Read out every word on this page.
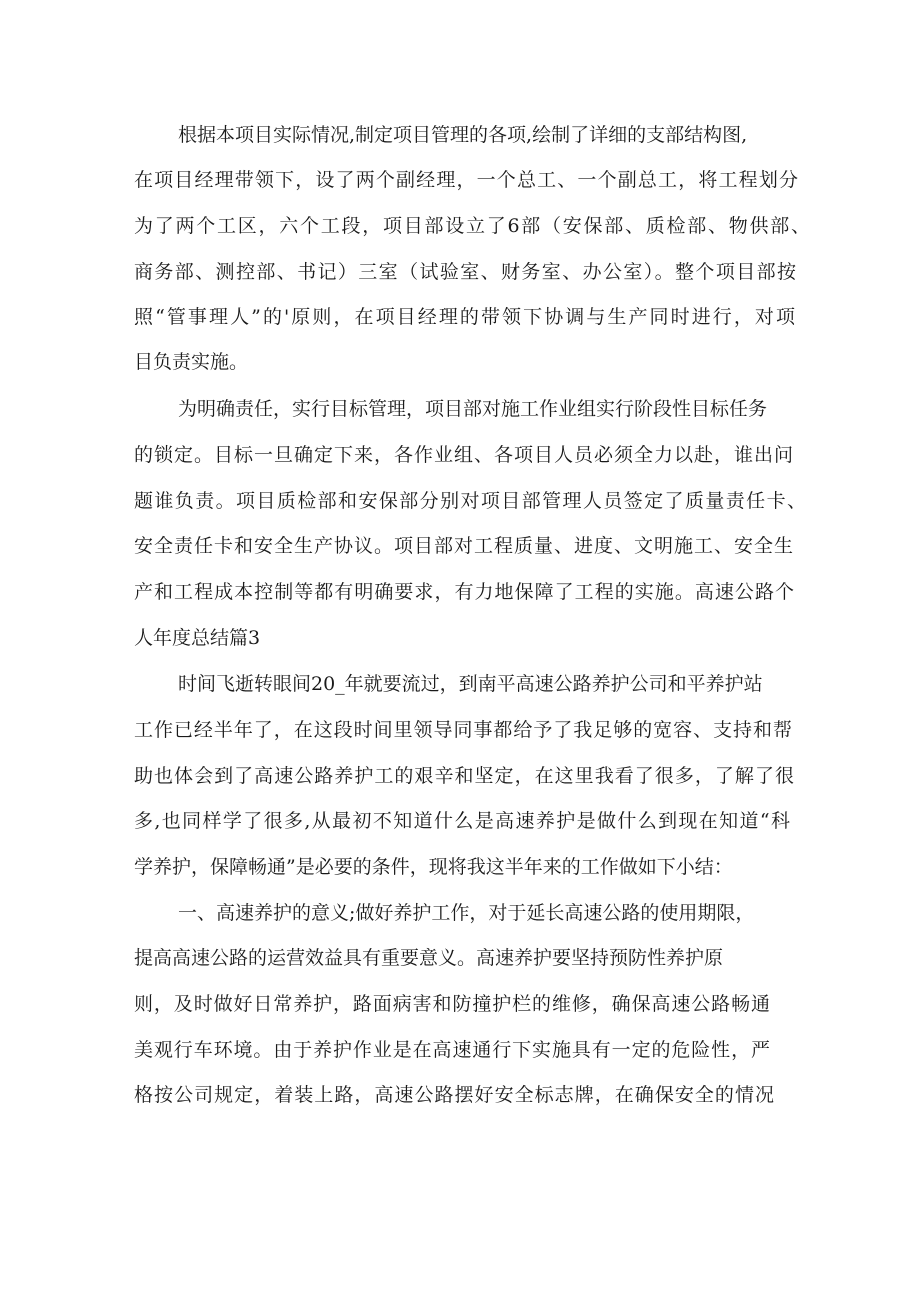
根据本项目实际情况,制定项目管理的各项,绘制了详细的支部结构图,
在项目经理带领下，设了两个副经理，一个总工、一个副总工，将工程划分
为了两个工区，六个工段，项目部设立了6部（安保部、质检部、物供部、
商务部、测控部、书记）三室（试验室、财务室、办公室）。整个项目部按
照“管事理人”的'原则，在项目经理的带领下协调与生产同时进行，对项
目负责实施。
为明确责任，实行目标管理，项目部对施工作业组实行阶段性目标任务
的锁定。目标一旦确定下来，各作业组、各项目人员必须全力以赴，谁出问
题谁负责。项目质检部和安保部分别对项目部管理人员签定了质量责任卡、
安全责任卡和安全生产协议。项目部对工程质量、进度、文明施工、安全生
产和工程成本控制等都有明确要求，有力地保障了工程的实施。高速公路个
人年度总结篇3
时间飞逝转眼间20_年就要流过，到南平高速公路养护公司和平养护站
工作已经半年了，在这段时间里领导同事都给予了我足够的宽容、支持和帮
助也体会到了高速公路养护工的艰辛和坚定，在这里我看了很多，了解了很
多,也同样学了很多,从最初不知道什么是高速养护是做什么到现在知道“科
学养护，保障畅通”是必要的条件，现将我这半年来的工作做如下小结：
一、高速养护的意义;做好养护工作，对于延长高速公路的使用期限，
提高高速公路的运营效益具有重要意义。高速养护要坚持预防性养护原
则，及时做好日常养护，路面病害和防撞护栏的维修，确保高速公路畅通
美观行车环境。由于养护作业是在高速通行下实施具有一定的危险性，严
格按公司规定，着装上路，高速公路摆好安全标志牌，在确保安全的情况
